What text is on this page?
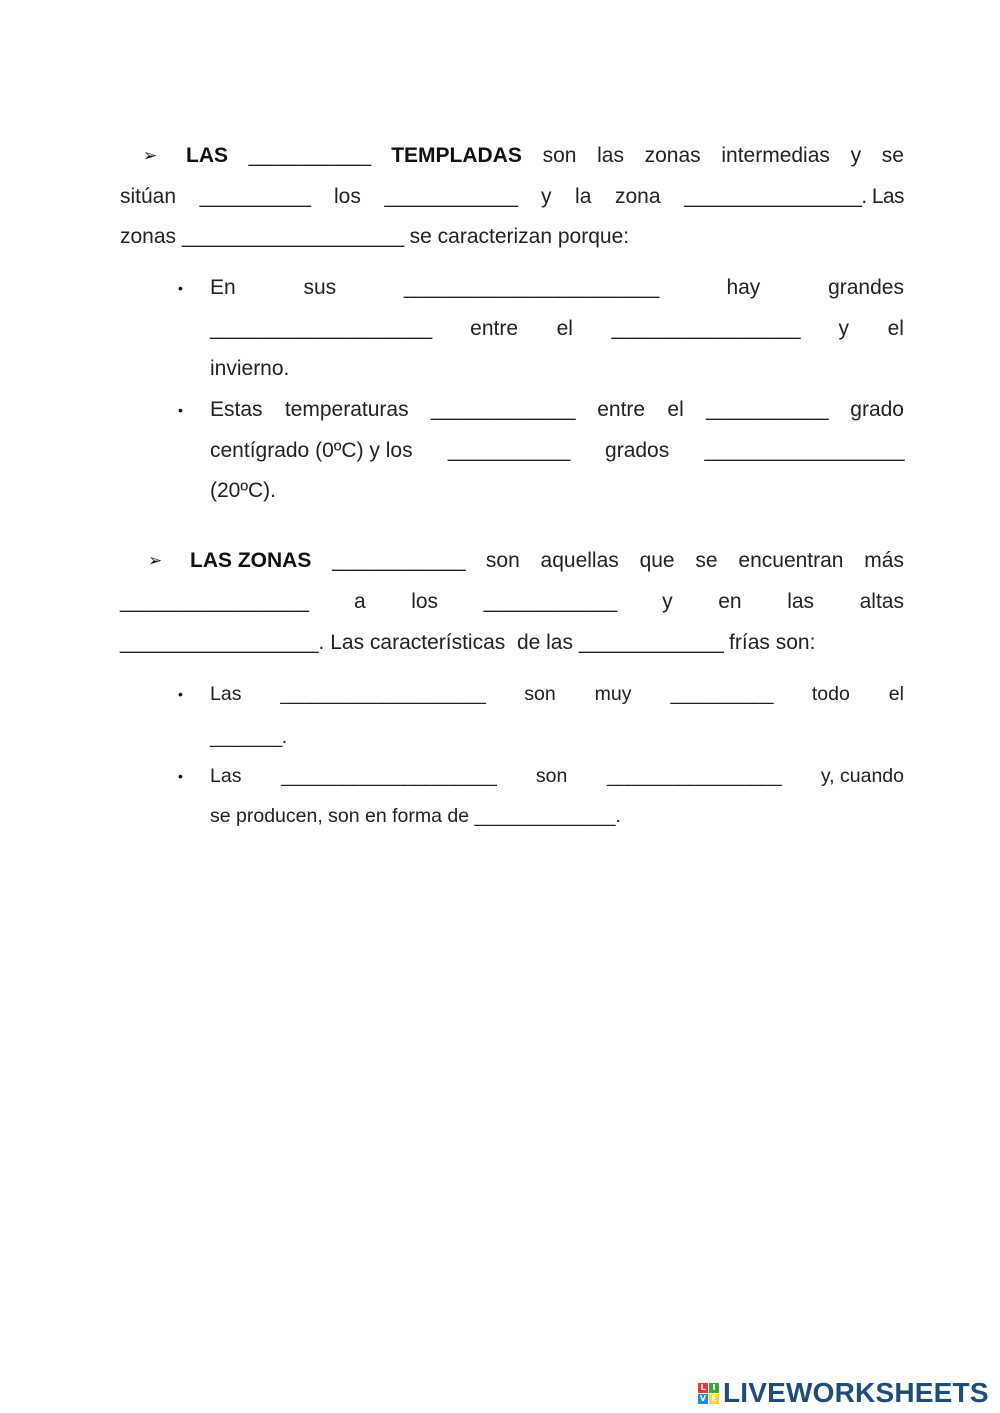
➢ LAS ___________ TEMPLADAS son las zonas intermedias y se
sitúan __________ los ____________ y la zona ________________. Las
zonas ____________________ se caracterizan porque:
• En	sus	_______________________	hay	grandes
____________________ entre el _________________ y el
invierno.
• Estas temperaturas _____________ entre el ___________ grado
centígrado (0ºC) y los ___________ grados __________________
(20ºC).
➢ LAS ZONAS ____________ son aquellas que se encuentran más
_________________ a los ____________ y en las altas
_________________. Las características  de las _____________ frías son:
• Las ____________________ son muy __________ todo el
_______.
• Las _____________________ son _________________ y, cuando
se producen, son en forma de _____________.
L I
V E LIVEWORKSHEETS
